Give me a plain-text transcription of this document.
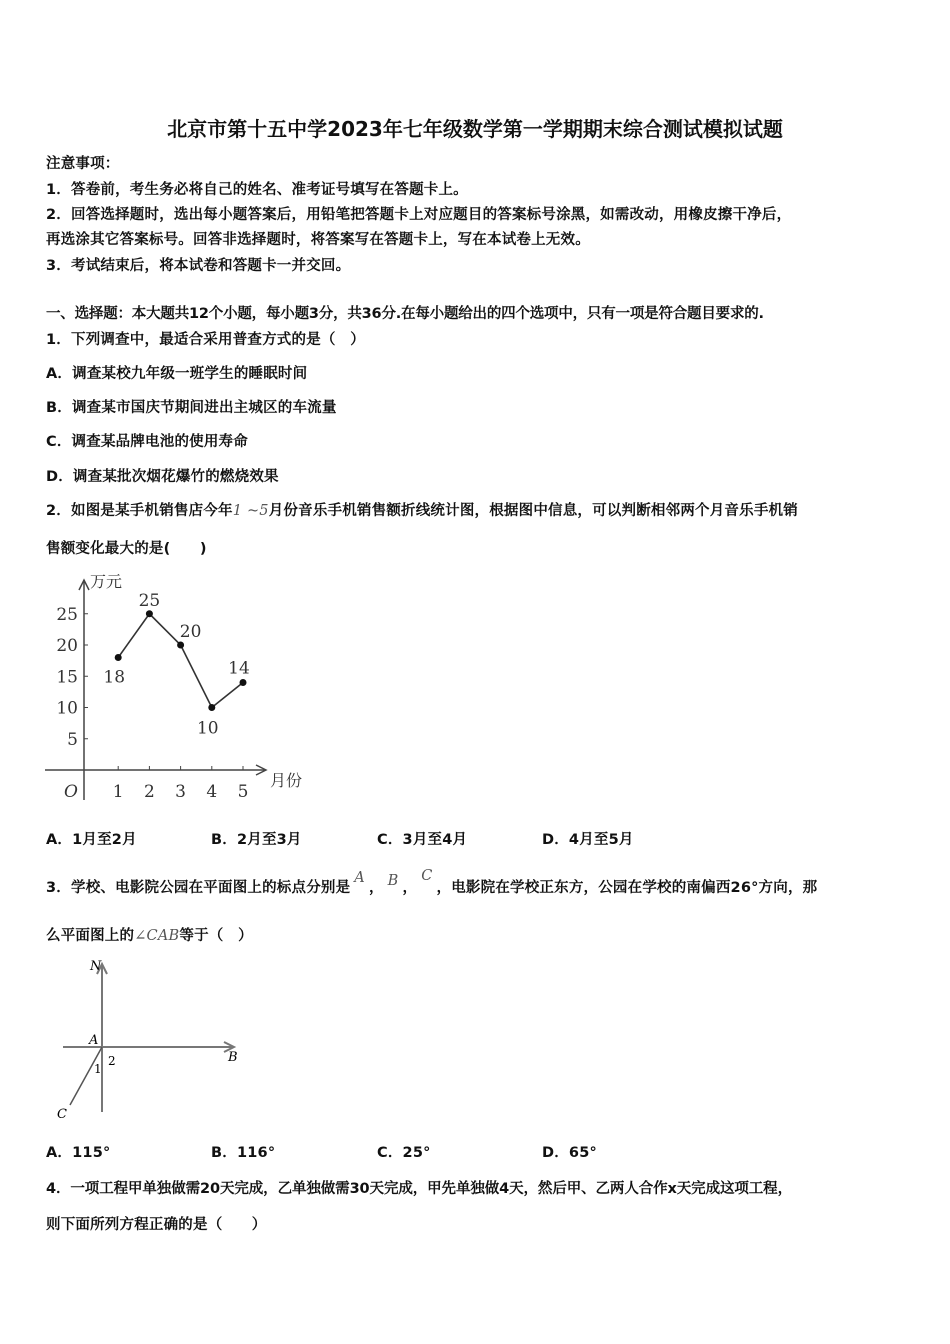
北京市第十五中学2023年七年级数学第一学期期末综合测试模拟试题
注意事项：
1．答卷前，考生务必将自己的姓名、准考证号填写在答题卡上。
2．回答选择题时，选出每小题答案后，用铅笔把答题卡上对应题目的答案标号涂黑，如需改动，用橡皮擦干净后，
再选涂其它答案标号。回答非选择题时，将答案写在答题卡上，写在本试卷上无效。
3．考试结束后，将本试卷和答题卡一并交回。
一、选择题：本大题共12个小题，每小题3分，共36分.在每小题给出的四个选项中，只有一项是符合题目要求的.
1．下列调查中，最适合采用普查方式的是（　）
A．调查某校九年级一班学生的睡眠时间
B．调查某市国庆节期间进出主城区的车流量
C．调查某品牌电池的使用寿命
D．调查某批次烟花爆竹的燃烧效果
2．如图是某手机销售店今年1 ~5月份音乐手机销售额折线统计图，根据图中信息，可以判断相邻两个月音乐手机销
售额变化最大的是(　　)
万元
月份
O
5
10
15
20
25
1 2 3 4 5
18
25
20
10
14
A．1月至2月	B．2月至3月	C．3月至4月	D．4月至5月
3．学校、电影院公园在平面图上的标点分别是A， B ，C，电影院在学校正东方，公园在学校的南偏西26°方向，那
么平面图上的∠CAB等于（　）
N
A
B
C
1
2
A．115°	B．116°	C．25°	D．65°
4．一项工程甲单独做需20天完成，乙单独做需30天完成，甲先单独做4天，然后甲、乙两人合作x天完成这项工程，
则下面所列方程正确的是（　　）
